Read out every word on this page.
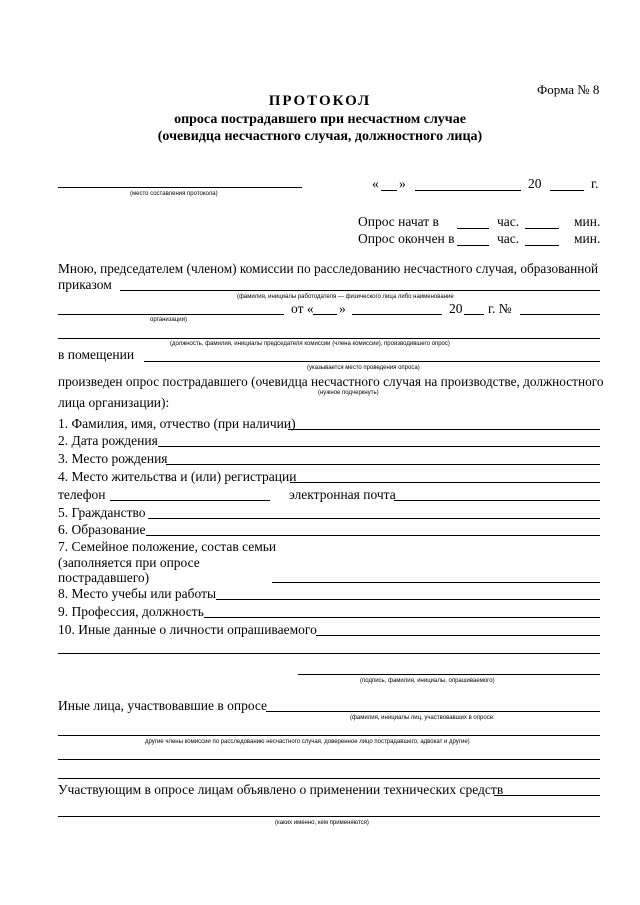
Форма № 8
ПРОТОКОЛ
опроса пострадавшего при несчастном случае
(очевидца несчастного случая, должностного лица)
(место составления протокола)
« »	20	г.
Опрос начат в	час.	мин.
Опрос окончен в	час.	мин.
Мною, председателем (членом) комиссии по расследованию несчастного случая, образованной
приказом
(фамилия, инициалы работодателя — физического лица либо наименование
организации)
от « »	20 г. №
(должность, фамилия, инициалы председателя комиссии (члена комиссии), производившего опрос)
в помещении
(указывается место проведения опроса)
произведен опрос пострадавшего (очевидца несчастного случая на производстве, должностного
(нужное подчеркнуть)
лица организации):
1. Фамилия, имя, отчество (при наличии)
2. Дата рождения
3. Место рождения
4. Место жительства и (или) регистрации
телефон	электронная почта
5. Гражданство
6. Образование
7. Семейное положение, состав семьи
(заполняется при опросе
пострадавшего)
8. Место учебы или работы
9. Профессия, должность
10. Иные данные о личности опрашиваемого
(подпись, фамилия, инициалы, опрашиваемого)
Иные лица, участвовавшие в опросе
(фамилия, инициалы лиц, участвовавших в опросе:
другие члены комиссии по расследованию несчастного случая, доверенное лицо пострадавшего, адвокат и другие)
Участвующим в опросе лицам объявлено о применении технических средств
(каких именно, кем применяются)
